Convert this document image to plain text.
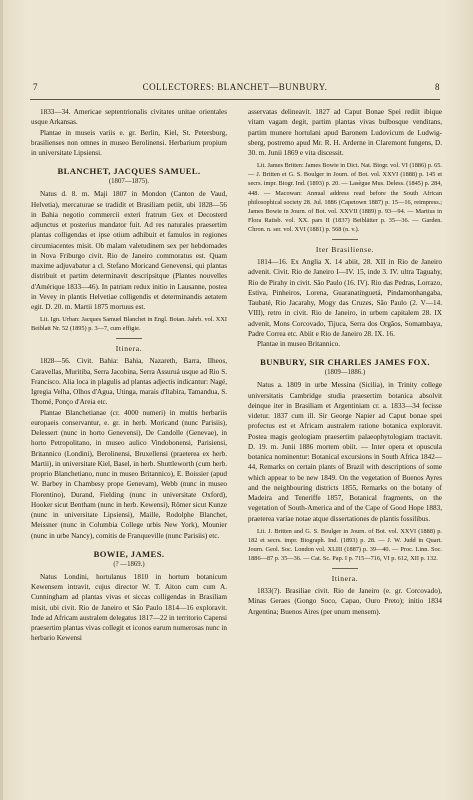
7	COLLECTORES: BLANCHET—BUNBURY.	8

1833—34. Americae septentrionalis civitates unitae orientales usque Arkansas.

Plantae in museis variis e. gr. Berlin, Kiel, St. Petersburg, brasilienses non omnes in museo Berolinensi. Herbarium propium in universitate Lipsiensi.

BLANCHET, JACQUES SAMUEL.
(1807—1875).

Natus d. 8. m. Maji 1807 in Mondon (Canton de Vaud, Helvetia), mercaturae se tradidit et Brasiliam petiit, ubi 1828—56 in Bahia negotio commercii exteri fratrum Gex et Decosterd adjunctus et posterius mandator fuit. Ad res naturales praesertim plantas colligendas et ipse otium adhibuit et famulos in regiones circumiacentes misit. Ob malam valetudinem sex per hebdomades in Nova Friburgo civit. Rio de Janeiro commoratus est. Quam maxime adjuvabatur a cl. Stefano Moricand Genevensi, qui plantas distribuit et partim determinavit descripsitque (Plantes nouvelles d'Amérique 1833—46). In patriam redux initio in Lausanne, postea in Vevey in plantis Helvetiae colligendis et determinandis aetatem egit. D. 20. m. Martii 1875 mortuus est.

Lit. Ign. Urban: Jacques Samuel Blanchet in Engl. Botan. Jahrb. vol. XXI Beiblatt Nr. 52 (1895) p. 3—7, cum effigie.

Itinera.

1828—56. Civit. Bahia: Bahia, Nazareth, Barra, Ilheos, Caravellas, Muritiba, Serra Jacobina, Serra Assuruá usque ad Rio S. Francisco. Alia loca in plagulis ad plantas adjectis indicantur: Nagé, Igregia Velha, Olhos d'Agua, Utinga, marais d'Itabira, Tamandua, S. Thomé, Ponço d'Areia etc.

Plantae Blanchetianae (cr. 4000 numeri) in multis herbariis europaeis conservantur, e. gr. in herb. Moricand (nunc Parisiis), Delessert (nunc in horto Genevensi), De Candolle (Genevae), in horto Petropolitano, in museo aulico Vindobonensi, Parisiensi, Britannico (Londini), Berolinensi, Bruxellensi (praeterea ex herb. Martii), in universitate Kiel, Basel, in herb. Shuttleworth (cum herb. proprio Blanchetiano, nunc in museo Britannico), E. Boissier (apud W. Barbey in Chambesy prope Genevam), Webb (nunc in museo Florentino), Durand, Fielding (nunc in universitate Oxford), Hooker sicut Bentham (nunc in herb. Kewensi), Römer sicut Kunze (nunc in universitate Lipsiensi), Maille, Rodolphe Blanchet, Meissner (nunc in Columbia College urbis New York), Mounier (nunc in urbe Nancy), comitis de Franqueville (nunc Parisiis) etc.

BOWIE, JAMES.
(? —1869.)

Natus Londini, hortulanus 1810 in hortum botanicum Kewensem intravit, cujus director W. T. Aiton cum cum A. Cunningham ad plantas vivas et siccas colligendas in Brasiliam misit, ubi civit. Rio de Janeiro et São Paulo 1814—16 exploravit. Inde ad Africam australem delegatus 1817—22 in territorio Capensi praesertim plantas vivas collegit et iconos earum numerosas nunc in herbario Kewensi

asservatas delineavit. 1827 ad Caput Bonae Spei rediit ibique vitam vagam degit, partim plantas vivas bulbosque venditans, partim munere hortulani apud Baronem Ludovicum de Ludwig-sberg, postremo apud Mr. R. H. Arderne in Claremont fungens, D. 30. m. Junii 1869 e vita discessit.

Lit. James Britten: James Bowie in Dict. Nat. Biogr. vol. VI (1886) p. 65. — J. Britten et G. S. Boulger in Journ. of Bot. vol. XXVI (1888) p. 145 et secrs. impr. Biogr. Ind. (1893) p. 20. — Lasègue Mus. Deless. (1845) p. 284, 448. — Macowan: Annual address read before the South African philosophical society 28. Jul. 1886 (Capetown 1887) p. 15—16, reimpress.; James Bowie in Journ. of Bot. vol. XXVII (1889) p. 93—94. — Martius in Flora Ratisb. vol. XX. pars II (1837) Beiblätter p. 35—36. — Garden. Chron. n. ser. vol. XVI (1881) p. 568 (n. v.).

Iter Brasiliense.

1814—16. Ex Anglia X. 14 abiit, 28. XII in Rio de Janeiro advenit. Civit. Rio de Janeiro I—IV. 15, inde 3. IV. ultra Taguahy, Rio de Pirahy in civit. São Paulo (16. IV). Rio das Pedras, Lorrazo, Estiva, Pinheiros, Lorena, Guaranatinguetá, Pindamonhangaba, Taubaté, Rio Jacarahy, Mogy das Cruzes, São Paulo (2. V—14. VIII), retro in civit. Rio de Janeiro, in urbem capitalem 28. IX advenit, Mons Corcovado, Tijuca, Serra dos Orgãos, Somambaya, Padre Correa etc. Abiit e Rio de Janeiro 28. IX. 16.

Plantae in museo Britannico.

BUNBURY, SIR CHARLES JAMES FOX.
(1809—1886.)

Natus a. 1809 in urbe Messina (Sicilia), in Trinity college universitatis Cambridge studia praesertim botanica absolvit deinque iter in Brasiliam et Argentiniam cr. a. 1833—34 fecisse videtur. 1837 cum ill. Sir George Napier ad Caput bonae spei profectus est et Africam australem ratione botanica exploravit. Postea magis geologiam praesertim palaeophytologiam tractavit. D. 19. m. Junii 1886 mortem obiit. — Inter opera et opuscula botanica nominentur: Botanical excursions in South Africa 1842—44, Remarks on certain plants of Brazil with descriptions of some which appear to be new 1849. On the vegetation of Buenos Ayres and the neighbouring districts 1855, Remarks on the botany of Madeira and Teneriffe 1857, Botanical fragments, on the vegetation of South-America and of the Cape of Good Hope 1883, praeterea variae notae atque dissertationes de plantis fossilibus.

Lit. J. Britten and G. S. Boulger in Journ. of Bot. vol. XXVI (1888) p. 182 et secrs. impr. Biograph. Ind. (1893) p. 28. — J. W. Judd in Quart. Journ. Geol. Soc. London vol. XLIII (1887) p. 39—40. — Proc. Linn. Soc. 1886—87 p. 35—36. — Cat. Sc. Pap. I p. 715—716, VI p. 612, XII p. 132.

Itinera.

1833(?). Brasiliae civit. Rio de Janeiro (e. gr. Corcovado), Minas Geraes (Gongo Soco, Capao, Ouro Preto); initio 1834 Argentina; Buenos Aires (per unum mensem).
